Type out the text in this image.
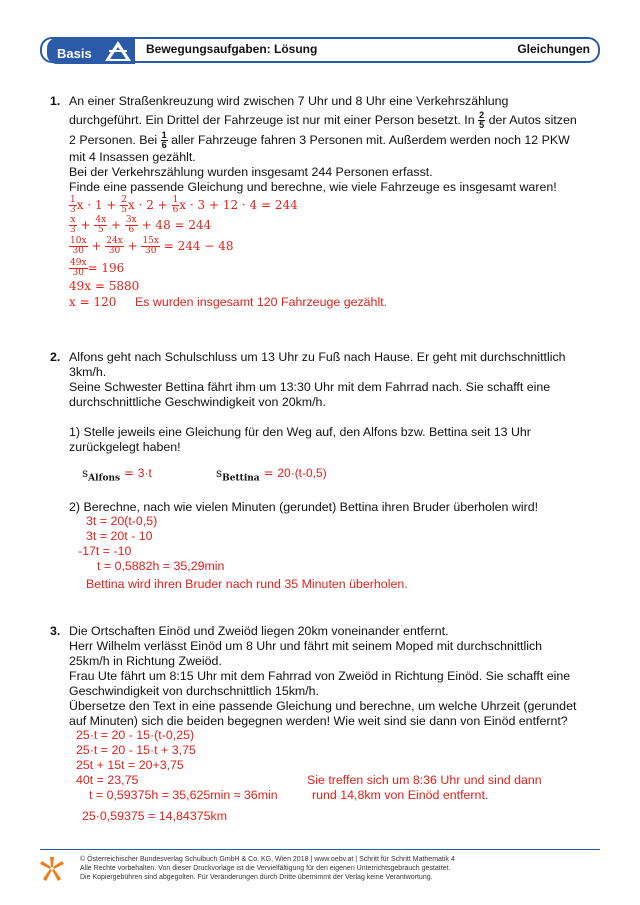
Basis	Bewegungsaufgaben: Lösung	Gleichungen
1. An einer Straßenkreuzung wird zwischen 7 Uhr und 8 Uhr eine Verkehrszählung
durchgeführt. Ein Drittel der Fahrzeuge ist nur mit einer Person besetzt. In $\frac{2}{5}$ der Autos sitzen
2 Personen. Bei $\frac{1}{6}$ aller Fahrzeuge fahren 3 Personen mit. Außerdem werden noch 12 PKW
mit 4 Insassen gezählt.
Bei der Verkehrszählung wurden insgesamt 244 Personen erfasst.
Finde eine passende Gleichung und berechne, wie viele Fahrzeuge es insgesamt waren!
$\frac{1}{3}$ $x \cdot 1 + \frac{2}{5}$ $x \cdot 2 + \frac{1}{6}$ x · 3 + 12 · 4 = 244
$\frac{x}{3} + \frac{4x}{5} + \frac{3x}{6} + 48 = 244$
$\frac{10x}{30} + \frac{24x}{30} + \frac{15x}{30} = 244 - 48$
$\frac{49x}{30} = 196$
49x = 5880
x = 120 Es wurden insgesamt 120 Fahrzeuge gezählt.
2. Alfons geht nach Schulschluss um 13 Uhr zu Fuß nach Hause. Er geht mit durchschnittlich
3km/h.
Seine Schwester Bettina fährt ihm um 13:30 Uhr mit dem Fahrrad nach. Sie schafft eine
durchschnittliche Geschwindigkeit von 20km/h.
1) Stelle jeweils eine Gleichung für den Weg auf, den Alfons bzw. Bettina seit 13 Uhr
zurückgelegt haben!
$s_{Alfons} = 3\cdot t$	$s_{Bettina} = 20\cdot(t-0,5)$
2) Berechne, nach wie vielen Minuten (gerundet) Bettina ihren Bruder überholen wird!
3t = 20(t-0,5)
3t = 20t - 10
-17t = -10
t = 0,5882h = 35,29min
Bettina wird ihren Bruder nach rund 35 Minuten überholen.
3. Die Ortschaften Einöd und Zweiöd liegen 20km voneinander entfernt.
Herr Wilhelm verlässt Einöd um 8 Uhr und fährt mit seinem Moped mit durchschnittlich
25km/h in Richtung Zweiöd.
Frau Ute fährt um 8:15 Uhr mit dem Fahrrad von Zweiöd in Richtung Einöd. Sie schafft eine
Geschwindigkeit von durchschnittlich 15km/h.
Übersetze den Text in eine passende Gleichung und berechne, um welche Uhrzeit (gerundet
auf Minuten) sich die beiden begegnen werden! Wie weit sind sie dann von Einöd entfernt?
25·t = 20 - 15·(t-0,25)
25·t = 20 - 15·t + 3,75
25t + 15t = 20+3,75
40t = 23,75
t = 0,59375h = 35,625min ≈ 36min
25·0,59375 = 14,84375km
Sie treffen sich um 8:36 Uhr und sind dann
rund 14,8km von Einöd entfernt.
© Österreichischer Bundesverlag Schulbuch GmbH & Co. KG, Wien 2018 | www.oebv.at | Schritt für Schritt Mathematik 4
Alle Rechte vorbehalten. Von dieser Druckvorlage ist die Vervielfältigung für den eigenen Unterrichtsgebrauch gestattet.
Die Kopiergebühren sind abgegolten. Für Veränderungen durch Dritte übernimmt der Verlag keine Verantwortung.
